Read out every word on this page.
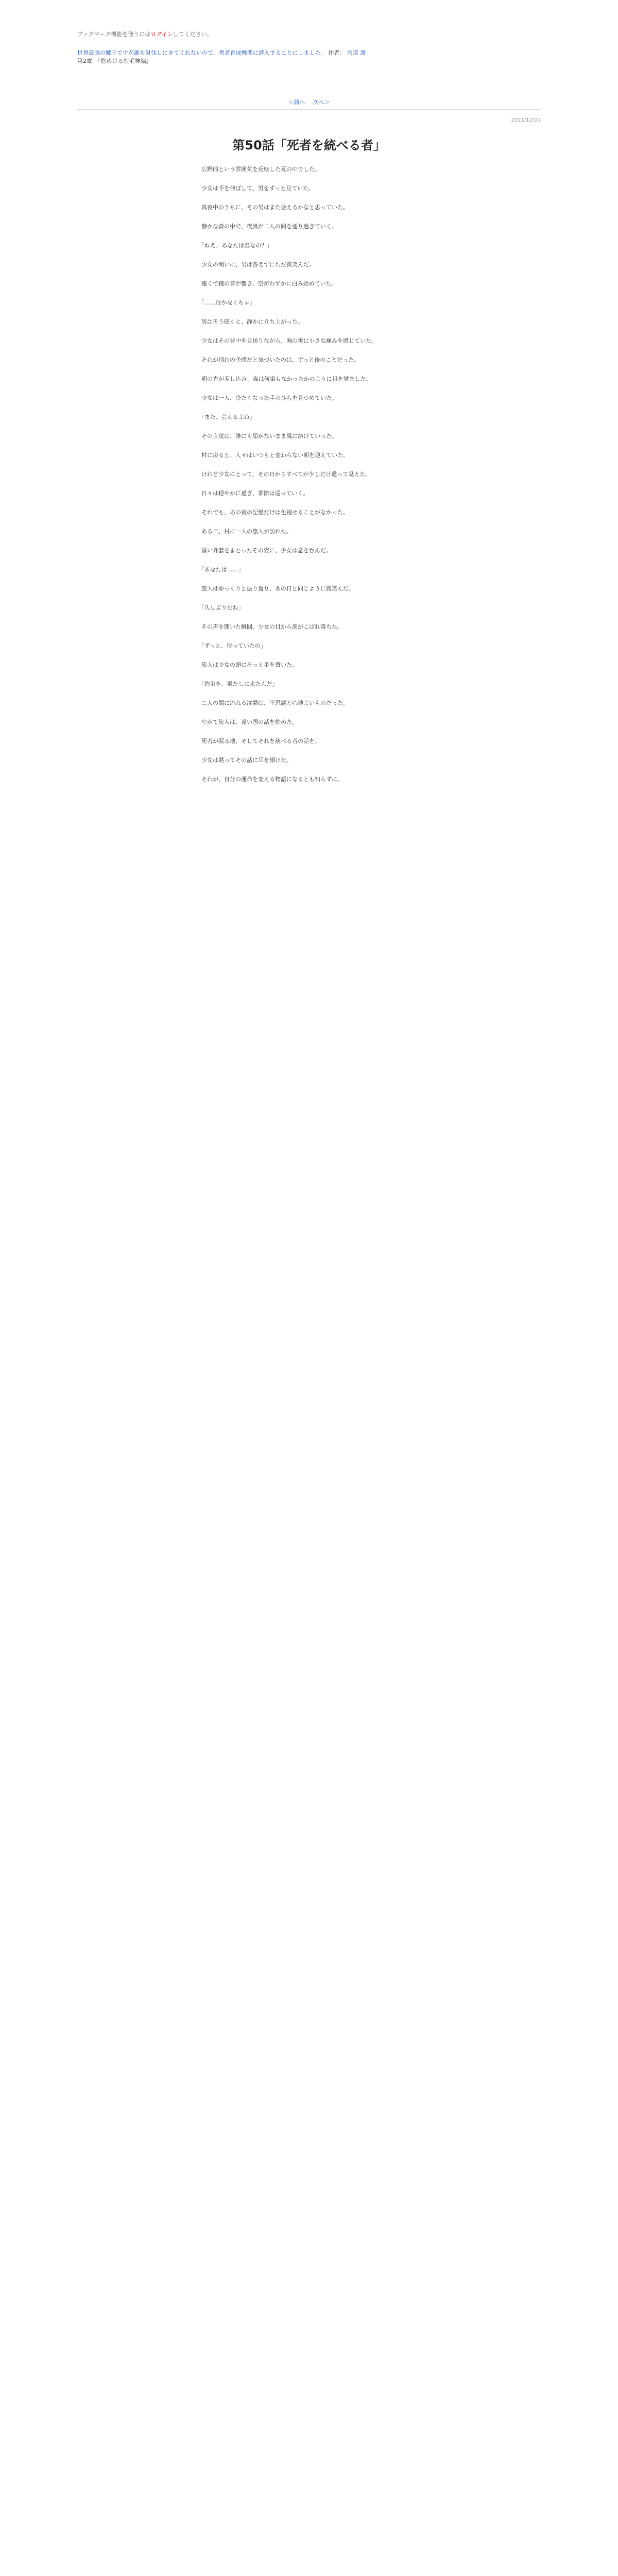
ブックマーク機能を使うにはログインしてください。
世界最強の魔王ですが誰も討伐しにきてくれないので、勇者育成機関に潜入することにしました。 作者： 両道 渡
第2章　『悠めける紅毛神編』
＜前へ 次へ＞
2021/12/01
第50話「死者を統べる者」

　広野的という雰囲気を反転した夏の中でした。

　少女は手を伸ばして、男をずっと見ていた。

　真夜中のうちに、その男はまた会えるかなと思っていた。

　静かな森の中で、夜風が二人の間を通り過ぎていく。

　「ねえ、あなたは誰なの？」

　少女の問いに、男は答えずにただ微笑んだ。

　遠くで鐘の音が響き、空がわずかに白み始めていた。

　「……行かなくちゃ」

　男はそう呟くと、静かに立ち上がった。

　少女はその背中を見送りながら、胸の奥に小さな痛みを感じていた。

　それが別れの予感だと気づいたのは、ずっと後のことだった。

　朝の光が差し込み、森は何事もなかったかのように目を覚ました。

　少女は一人、冷たくなった手のひらを見つめていた。

　「また、会えるよね」

　その言葉は、誰にも届かないまま風に溶けていった。

　村に戻ると、人々はいつもと変わらない朝を迎えていた。

　けれど少女にとって、その日からすべてが少しだけ違って見えた。

　日々は穏やかに過ぎ、季節は巡っていく。

　それでも、あの夜の記憶だけは色褪せることがなかった。

　ある日、村に一人の旅人が訪れた。

　黒い外套をまとったその姿に、少女は息を呑んだ。

　「あなたは……」

　旅人はゆっくりと振り返り、あの日と同じように微笑んだ。

　「久しぶりだね」

　その声を聞いた瞬間、少女の目から涙がこぼれ落ちた。

　「ずっと、待っていたの」

　旅人は少女の頭にそっと手を置いた。

　「約束を、果たしに来たんだ」

　二人の間に流れる沈黙は、不思議と心地よいものだった。

　やがて旅人は、遠い国の話を始めた。

　死者が眠る地、そしてそれを統べる者の話を。

　少女は黙ってその話に耳を傾けた。

　それが、自分の運命を変える物語になるとも知らずに。
